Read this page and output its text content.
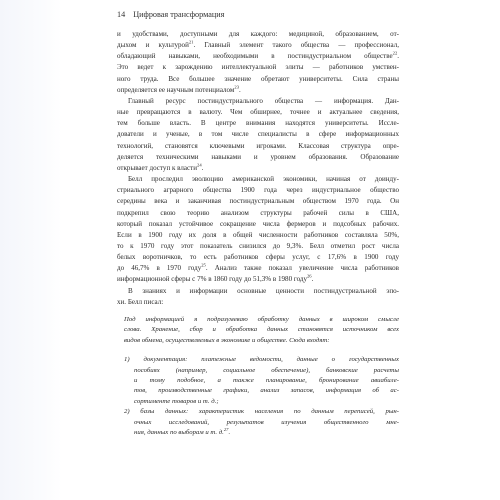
14 Цифровая трансформация

и удобствами, доступными для каждого: медициной, образованием, от-
дыхом и культурой$^{21}$. Главный элемент такого общества — профессионал,
обладающий навыками, необходимыми в постиндустриальном обществе$^{22}$.
Это ведет к зарождению интеллектуальной элиты — работников умствен-
ного труда. Все большее значение обретают университеты. Сила страны
определяется ее научным потенциалом$^{23}$.

Главный ресурс постиндустриального общества — информация. Дан-
ные превращаются в валюту. Чем обширнее, точнее и актуальнее сведения,
тем больше власть. В центре внимания находятся университеты. Иссле-
дователи и ученые, в том числе специалисты в сфере информационных
технологий, становятся ключевыми игроками. Классовая структура опре-
деляется техническими навыками и уровнем образования. Образование
открывает доступ к власти$^{24}$.

Белл проследил эволюцию американской экономики, начиная от доинду-
стриального аграрного общества 1900 года через индустриальное общество
середины века и заканчивая постиндустриальным обществом 1970 года. Он
подкрепил свою теорию анализом структуры рабочей силы в США,
который показал устойчивое сокращение числа фермеров и подсобных рабочих.
Если в 1900 году их доля в общей численности работников составляла 50%,
то к 1970 году этот показатель снизился до 9,3%. Белл отметил рост числа
белых воротничков, то есть работников сферы услуг, с 17,6% в 1900 году
до 46,7% в 1970 году$^{25}$. Анализ также показал увеличение числа работников
информационной сферы с 7% в 1860 году до 51,3% в 1980 году$^{26}$.

В знаниях и информации основные ценности постиндустриальной эпо-
хи. Белл писал:

Под информацией я подразумеваю обработку данных в широком смысле
слова. Хранение, сбор и обработка данных становятся источником всех
видов обмена, осуществляемых в экономике и обществе. Сюда входят:

1) документация: платежные ведомости, данные о государственных
пособиях (например, социальное обеспечение), банковские расчеты
и тому подобное, а также планирование, бронирование авиабиле-
тов, производственные графики, анализ запасов, информация об ас-
сортименте товаров и т. д.;
2) базы данных: характеристик населения по данным переписей, рын-
очных исследований, результатов изучения общественного мне-
ния, данных по выборам и т. д.$^{27}$.
